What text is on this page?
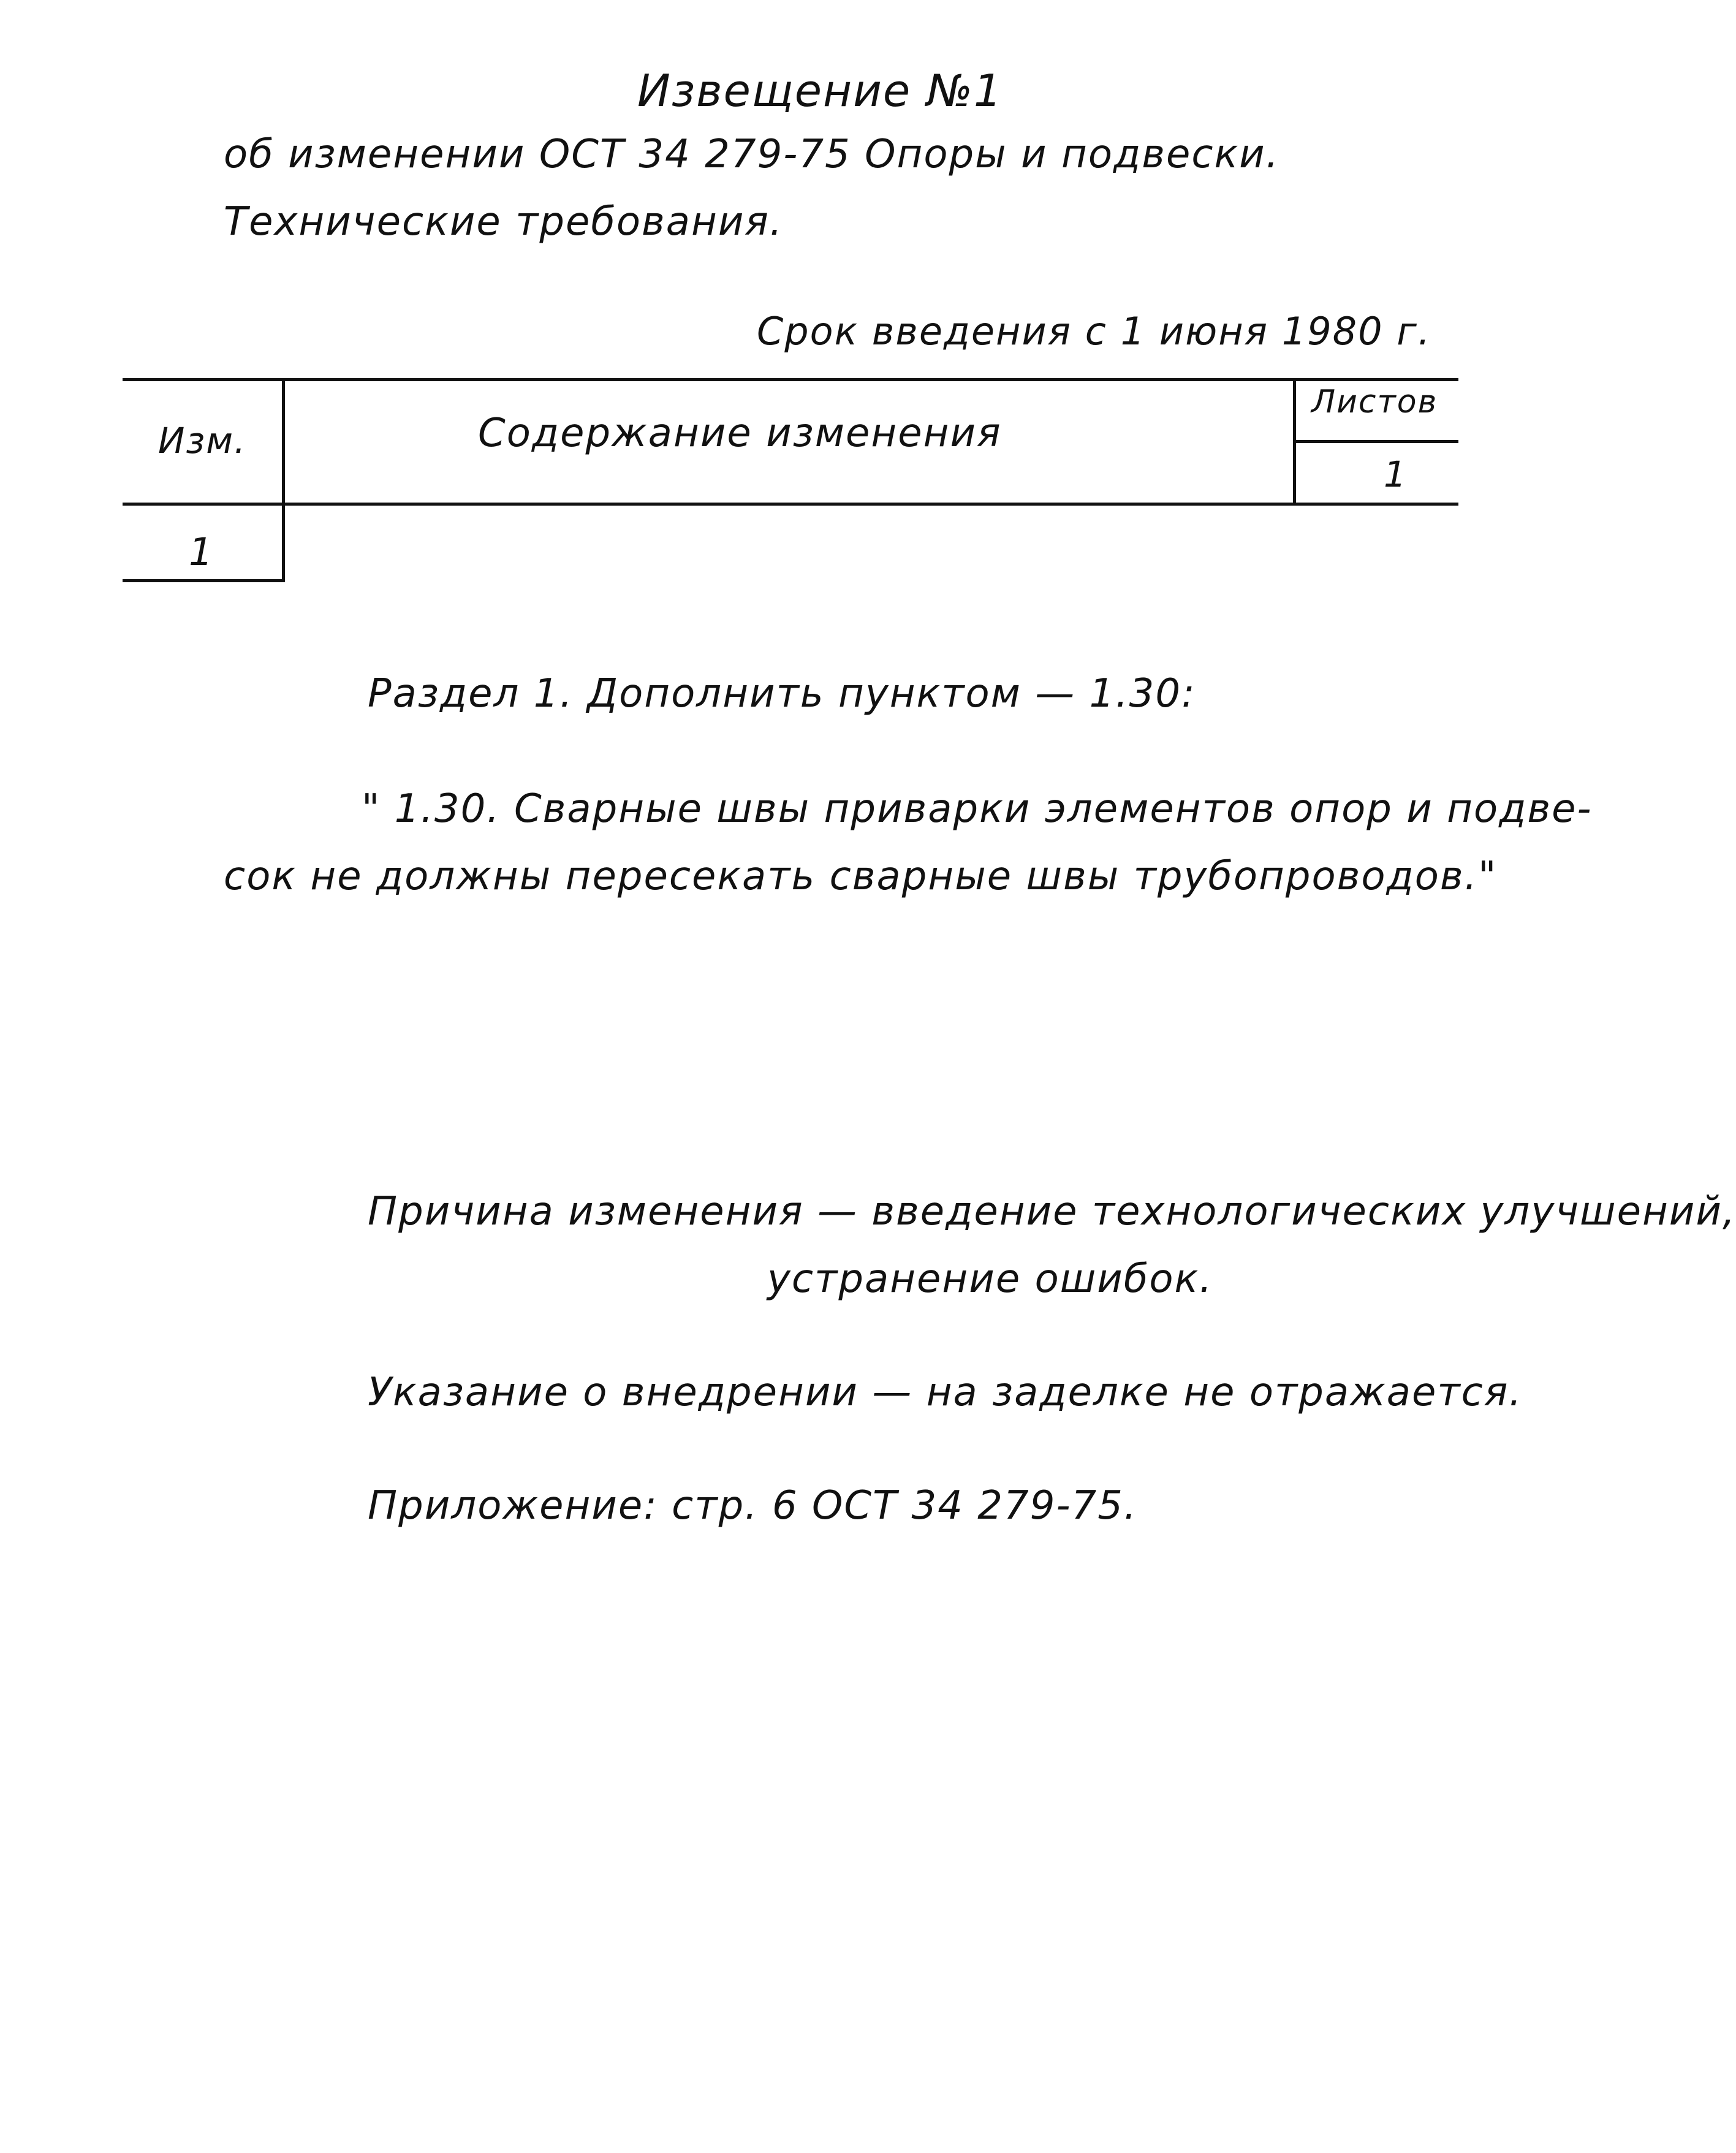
Извещение №1
об изменении ОСТ 34 279-75 Опоры и подвески.
Технические требования.
Срок введения с 1 июня 1980 г.
Изм.	Содержание изменения
Листов
1
1
Раздел 1. Дополнить пунктом — 1.30:
" 1.30. Сварные швы приварки элементов опор и подве-
сок не должны пересекать сварные швы трубопроводов."
Причина изменения — введение технологических улучшений,
устранение ошибок.
Указание о внедрении — на заделке не отражается.
Приложение: стр. 6 ОСТ 34 279-75.
